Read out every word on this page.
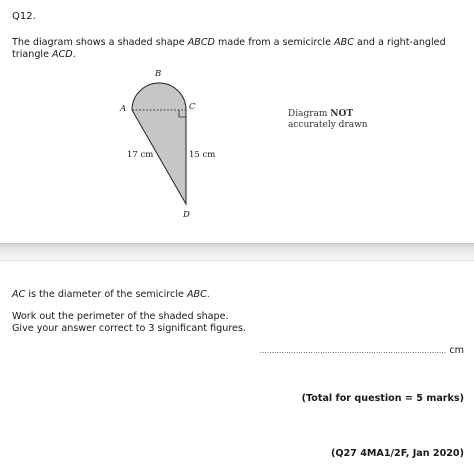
Q12.
The diagram shows a shaded shape ABCD made from a semicircle ABC and a right-angled triangle ACD.
B
A	C
D
17 cm	15 cm
Diagram NOT
accurately drawn
AC is the diameter of the semicircle ABC.
Work out the perimeter of the shaded shape.
Give your answer correct to 3 significant figures.
............................................................................. cm
(Total for question = 5 marks)
(Q27 4MA1/2F, Jan 2020)
